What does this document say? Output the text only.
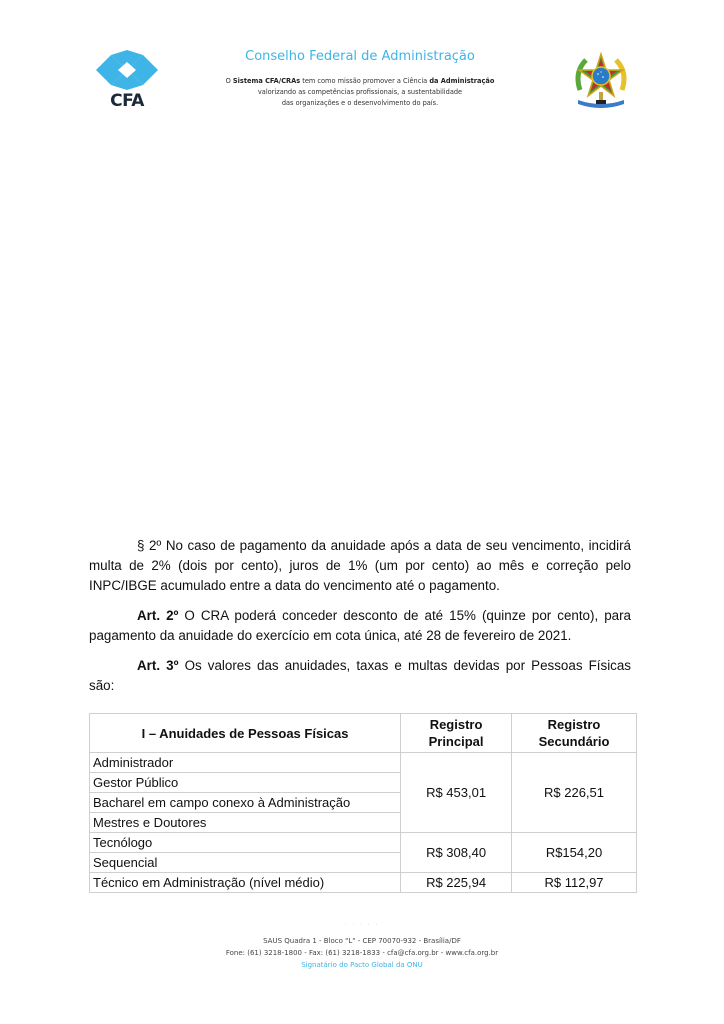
CFA
Conselho Federal de Administração
O Sistema CFA/CRAs tem como missão promover a Ciência da Administração
valorizando as competências profissionais, a sustentabilidade
das organizações e o desenvolvimento do país.
§ 2º No caso de pagamento da anuidade após a data de seu vencimento, incidirá multa de 2% (dois por cento), juros de 1% (um por cento) ao mês e correção pelo INPC/IBGE acumulado entre a data do vencimento até o pagamento.
Art. 2º O CRA poderá conceder desconto de até 15% (quinze por cento), para pagamento da anuidade do exercício em cota única, até 28 de fevereiro de 2021.
Art. 3º Os valores das anuidades, taxas e multas devidas por Pessoas Físicas são:
I – Anuidades de Pessoas Físicas	Registro Principal	Registro Secundário
Administrador	R$ 453,01	R$ 226,51
Gestor Público		
Bacharel em campo conexo à Administração		
Mestres e Doutores		
Tecnólogo	R$ 308,40	R$154,20
Sequencial		
Técnico em Administração (nível médio)	R$ 225,94	R$ 112,97
· · · · ·
SAUS Quadra 1 - Bloco "L" - CEP 70070-932 - Brasília/DF
Fone: (61) 3218-1800 - Fax: (61) 3218-1833 - cfa@cfa.org.br - www.cfa.org.br
Signatário do Pacto Global da ONU
